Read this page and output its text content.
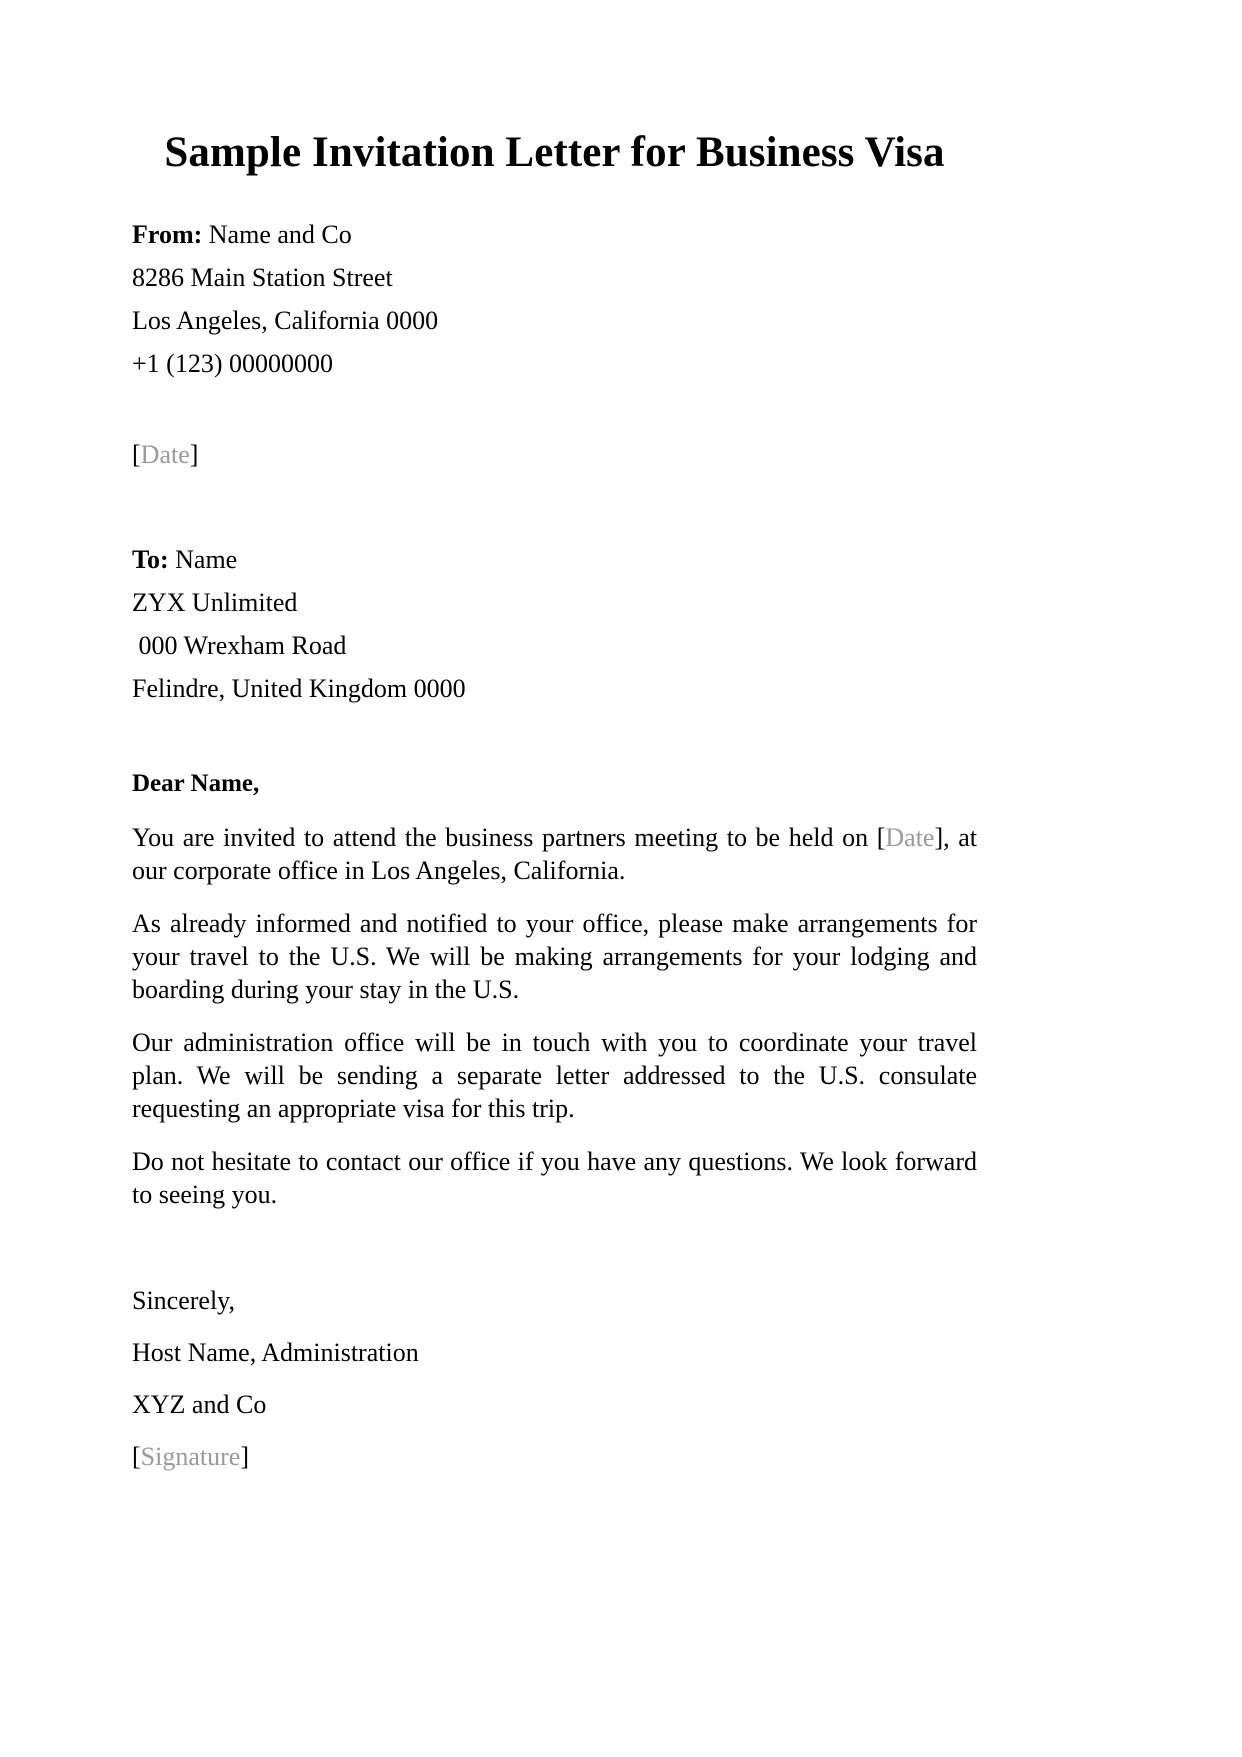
Sample Invitation Letter for Business Visa
From: Name and Co
8286 Main Station Street
Los Angeles, California 0000
+1 (123) 00000000
[Date]
To: Name
ZYX Unlimited
000 Wrexham Road
Felindre, United Kingdom 0000
Dear Name,

You are invited to attend the business partners meeting to be held on [Date], at our corporate office in Los Angeles, California.

As already informed and notified to your office, please make arrangements for your travel to the U.S. We will be making arrangements for your lodging and boarding during your stay in the U.S.

Our administration office will be in touch with you to coordinate your travel plan. We will be sending a separate letter addressed to the U.S. consulate requesting an appropriate visa for this trip.

Do not hesitate to contact our office if you have any questions. We look forward to seeing you.

Sincerely,
Host Name, Administration
XYZ and Co
[Signature]
